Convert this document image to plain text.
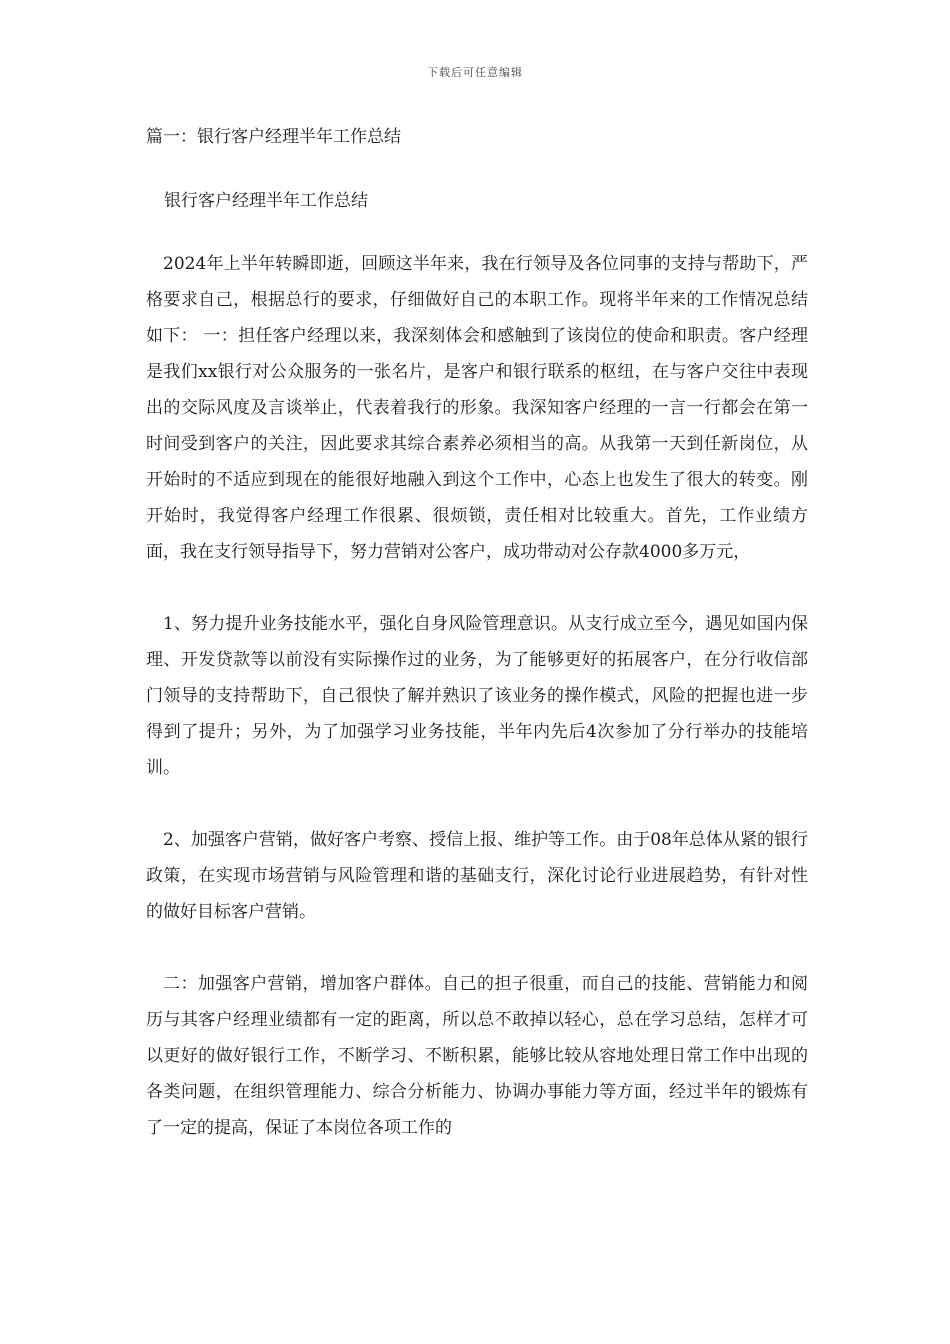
下载后可任意编辑

篇一：银行客户经理半年工作总结

银行客户经理半年工作总结

2024年上半年转瞬即逝，回顾这半年来，我在行领导及各位同事的支持与帮助下，严格要求自己，根据总行的要求，仔细做好自己的本职工作。现将半年来的工作情况总结如下： 一：担任客户经理以来，我深刻体会和感触到了该岗位的使命和职责。客户经理是我们xx银行对公众服务的一张名片，是客户和银行联系的枢纽，在与客户交往中表现出的交际风度及言谈举止，代表着我行的形象。我深知客户经理的一言一行都会在第一时间受到客户的关注，因此要求其综合素养必须相当的高。从我第一天到任新岗位，从开始时的不适应到现在的能很好地融入到这个工作中，心态上也发生了很大的转变。刚开始时，我觉得客户经理工作很累、很烦锁，责任相对比较重大。首先，工作业绩方面，我在支行领导指导下，努力营销对公客户，成功带动对公存款4000多万元，

1、努力提升业务技能水平，强化自身风险管理意识。从支行成立至今，遇见如国内保理、开发贷款等以前没有实际操作过的业务，为了能够更好的拓展客户，在分行收信部门领导的支持帮助下，自己很快了解并熟识了该业务的操作模式，风险的把握也进一步得到了提升；另外，为了加强学习业务技能，半年内先后4次参加了分行举办的技能培训。

2、加强客户营销，做好客户考察、授信上报、维护等工作。由于08年总体从紧的银行政策，在实现市场营销与风险管理和谐的基础支行，深化讨论行业进展趋势，有针对性的做好目标客户营销。

二：加强客户营销，增加客户群体。自己的担子很重，而自己的技能、营销能力和阅历与其客户经理业绩都有一定的距离，所以总不敢掉以轻心，总在学习总结，怎样才可以更好的做好银行工作，不断学习、不断积累，能够比较从容地处理日常工作中出现的各类问题，在组织管理能力、综合分析能力、协调办事能力等方面，经过半年的锻炼有了一定的提高，保证了本岗位各项工作的
